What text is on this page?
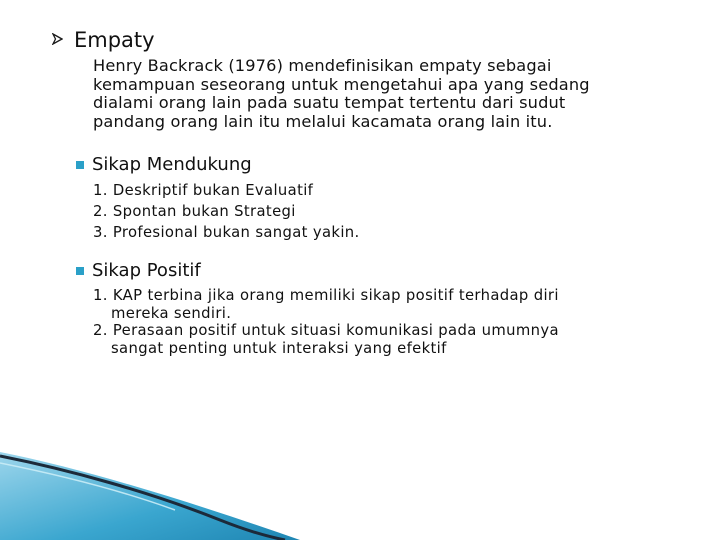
Empaty
Henry Backrack (1976) mendefinisikan empaty sebagai
kemampuan seseorang untuk mengetahui apa yang sedang
dialami orang lain pada suatu tempat tertentu dari sudut
pandang orang lain itu melalui kacamata orang lain itu.
Sikap Mendukung
1. Deskriptif bukan Evaluatif
2. Spontan bukan Strategi
3. Profesional bukan sangat yakin.
Sikap Positif
1. KAP terbina jika orang memiliki sikap positif terhadap diri
mereka sendiri.
2. Perasaan positif untuk situasi komunikasi pada umumnya
sangat penting untuk interaksi yang efektif
